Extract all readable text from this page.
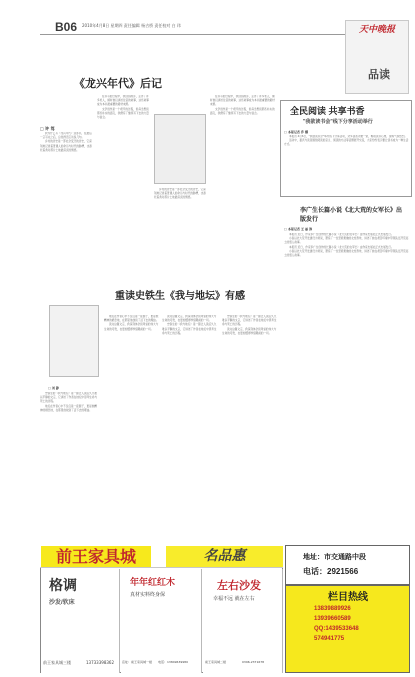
B06 2010年4月8日 星期四 责任编辑 杨吉桥 责任校对 白 玮	天中晚报
品读
《龙兴年代》后记
□ 许 笃

我为什么写《龙兴年代》这部书，在最后一章写完之后，总觉得还应该说几句。

乡村的历史是一部社会变迁的历史，它深刻地记录着普通人的命运与时代的脉搏，也寄托着我对那片土地最深沉的情感。

在书写的过程中，我回到故乡，走访了许多老人，倾听他们讲述往昔的故事，这些故事成为本书最重要的素材来源。

文学创作是一个艰辛的过程，但每当想到那些朴实的面孔，我便有了继续写下去的力量与信念。

乡村的历史是一部社会变迁的历史，它深刻地记录着普通人的命运与时代的脉搏，也寄托着我对那片土地最深沉的情感。

在书写的过程中，我回到故乡，走访了许多老人，倾听他们讲述往昔的故事，这些故事成为本书最重要的素材来源。

文学创作是一个艰辛的过程，但每当想到那些朴实的面孔，我便有了继续写下去的力量与信念。	全民阅读 共享书香
"我欲读书会"线下分享活动举行
□ 本报记者 乔 娜

本报讯 4月6日，"我欲读书会"举办线下分享活动，众多读者齐聚一堂，畅谈读书心得，现场气氛热烈。

活动中，嘉宾与读者围绕阅读的意义、阅读的方法等话题展开交流，大家纷纷表示要让读书成为一种生活方式。

李广生长篇小说《北大荒的女军长》出版发行
□ 本报记者 王 丽 涛

本报讯 近日，作家李广生创作的长篇小说《北大荒的女军长》由作家出版社正式出版发行。

小说以北大荒开发建设为背景，塑造了一位坚毅果敢的女性形象，讲述了她在艰苦环境中带领队伍开荒拓土的感人故事。

本报讯 近日，作家李广生创作的长篇小说《北大荒的女军长》由作家出版社正式出版发行。

小说以北大荒开发建设为背景，塑造了一位坚毅果敢的女性形象，讲述了她在艰苦环境中带领队伍开荒拓土的感人故事。

重读史铁生《我与地坛》有感
□ 刘 静

史铁生的《我与地坛》是一篇让人读后久久难以平静的文章，它讲述了作者在地坛中思考生命与死亡的历程。

地坛在作者心中不仅仅是一座园子，更是他精神的栖息地，在那里他找到了活下去的理由。

地坛在作者心中不仅仅是一座园子，更是他精神的栖息地，在那里他找到了活下去的理由。

读完这篇文章，我深刻体会到母爱的伟大与生命的可贵，也更加懂得珍惜眼前的一切。

读完这篇文章，我深刻体会到母爱的伟大与生命的可贵，也更加懂得珍惜眼前的一切。

史铁生的《我与地坛》是一篇让人读后久久难以平静的文章，它讲述了作者在地坛中思考生命与死亡的历程。

史铁生的《我与地坛》是一篇让人读后久久难以平静的文章，它讲述了作者在地坛中思考生命与死亡的历程。

读完这篇文章，我深刻体会到母爱的伟大与生命的可贵，也更加懂得珍惜眼前的一切。

前王家具城	名品惠	地址：市交通路中段
电话：2921566
栏目热线
13839889926
13939660589
QQ:1439533648
574941775
格调
沙发/软床
前王家具城三楼	13733398362
年年红红木
真材实料终身保
店址：前王家具城一楼 电话：13849639980
左右沙发
幸福不远 就在左右
前王家具城二楼	0396-2371678
